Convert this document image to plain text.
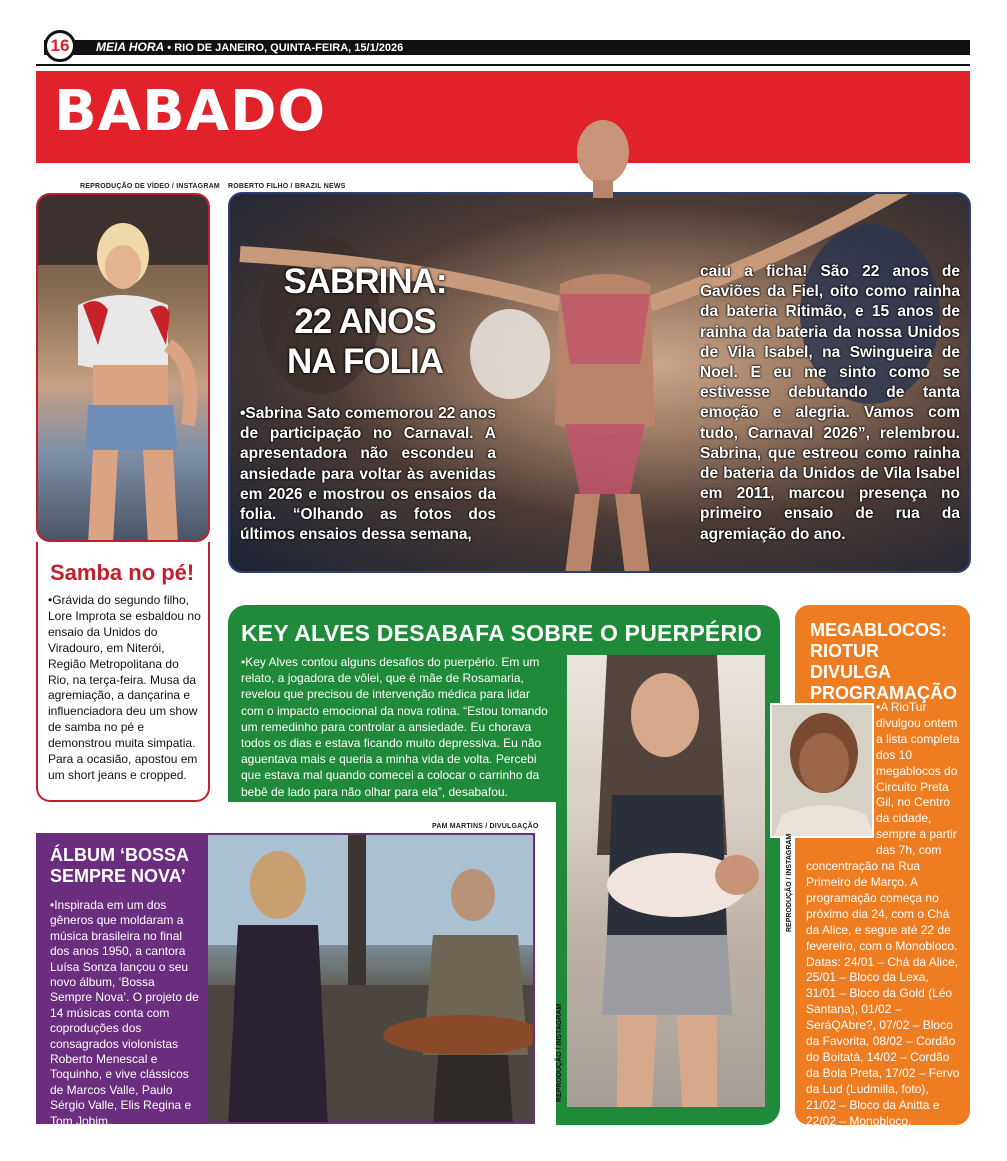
MEIA HORA • RIO DE JANEIRO, QUINTA-FEIRA, 15/1/2026
16
BABADO
REPRODUÇÃO DE VÍDEO / INSTAGRAM
Samba no pé!
•Grávida do segundo filho, Lore Improta se esbaldou no ensaio da Unidos do Viradouro, em Niterói, Região Metropolitana do Rio, na terça-feira. Musa da agremiação, a dançarina e influenciadora deu um show de samba no pé e demonstrou muita simpatia. Para a ocasião, apostou em um short jeans e cropped.
ROBERTO FILHO / BRAZIL NEWS
SABRINA:
22 ANOS
NA FOLIA
•Sabrina Sato comemorou 22 anos de participação no Carnaval. A apresentadora não escondeu a ansiedade para voltar às avenidas em 2026 e mostrou os ensaios da folia. “Olhando as fotos dos últimos ensaios dessa semana,
caiu a ficha! São 22 anos de Gaviões da Fiel, oito como rainha da bateria Ritimão, e 15 anos de rainha da bateria da nossa Unidos de Vila Isabel, na Swingueira de Noel. E eu me sinto como se estivesse debutando de tanta emoção e alegria. Vamos com tudo, Carnaval 2026”, relembrou. Sabrina, que estreou como rainha de bateria da Unidos de Vila Isabel em 2011, marcou presença no primeiro ensaio de rua da agremiação do ano.
KEY ALVES DESABAFA SOBRE O PUERPÉRIO
•Key Alves contou alguns desafios do puerpério. Em um relato, a jogadora de vôlei, que é mãe de Rosamaria, revelou que precisou de intervenção médica para lidar com o impacto emocional da nova rotina. “Estou tomando um remedinho para controlar a ansiedade. Eu chorava todos os dias e estava ficando muito depressiva. Eu não aguentava mais e queria a minha vida de volta. Percebi que estava mal quando comecei a colocar o carrinho da bebê de lado para não olhar para ela”, desabafou.
REPRODUÇÃO / INSTAGRAM
PAM MARTINS / DIVULGAÇÃO
ÁLBUM ‘BOSSA SEMPRE NOVA’
•Inspirada em um dos gêneros que moldaram a música brasileira no final dos anos 1950, a cantora Luísa Sonza lançou o seu novo álbum, ‘Bossa Sempre Nova’. O projeto de 14 músicas conta com coproduções dos consagrados violonistas Roberto Menescal e Toquinho, e vive clássicos de Marcos Valle, Paulo Sérgio Valle, Elis Regina e Tom Jobim.
MEGABLOCOS: RIOTUR DIVULGA PROGRAMAÇÃO
REPRODUÇÃO / INSTAGRAM
•A RioTur divulgou ontem a lista completa dos 10 megablocos do Circuito Preta Gil, no Centro da cidade, sempre a partir das 7h, com concentração na Rua Primeiro de Março. A programação começa no próximo dia 24, com o Chá da Alice, e segue até 22 de fevereiro, com o Monobloco. Datas: 24/01 – Chá da Alice, 25/01 – Bloco da Lexa, 31/01 – Bloco da Gold (Léo Santana), 01/02 – SeráQAbre?, 07/02 – Bloco da Favorita, 08/02 – Cordão do Boitatá, 14/02 – Cordão da Bola Preta, 17/02 – Fervo da Lud (Ludmilla, foto), 21/02 – Bloco da Anitta e 22/02 – Monobloco.
